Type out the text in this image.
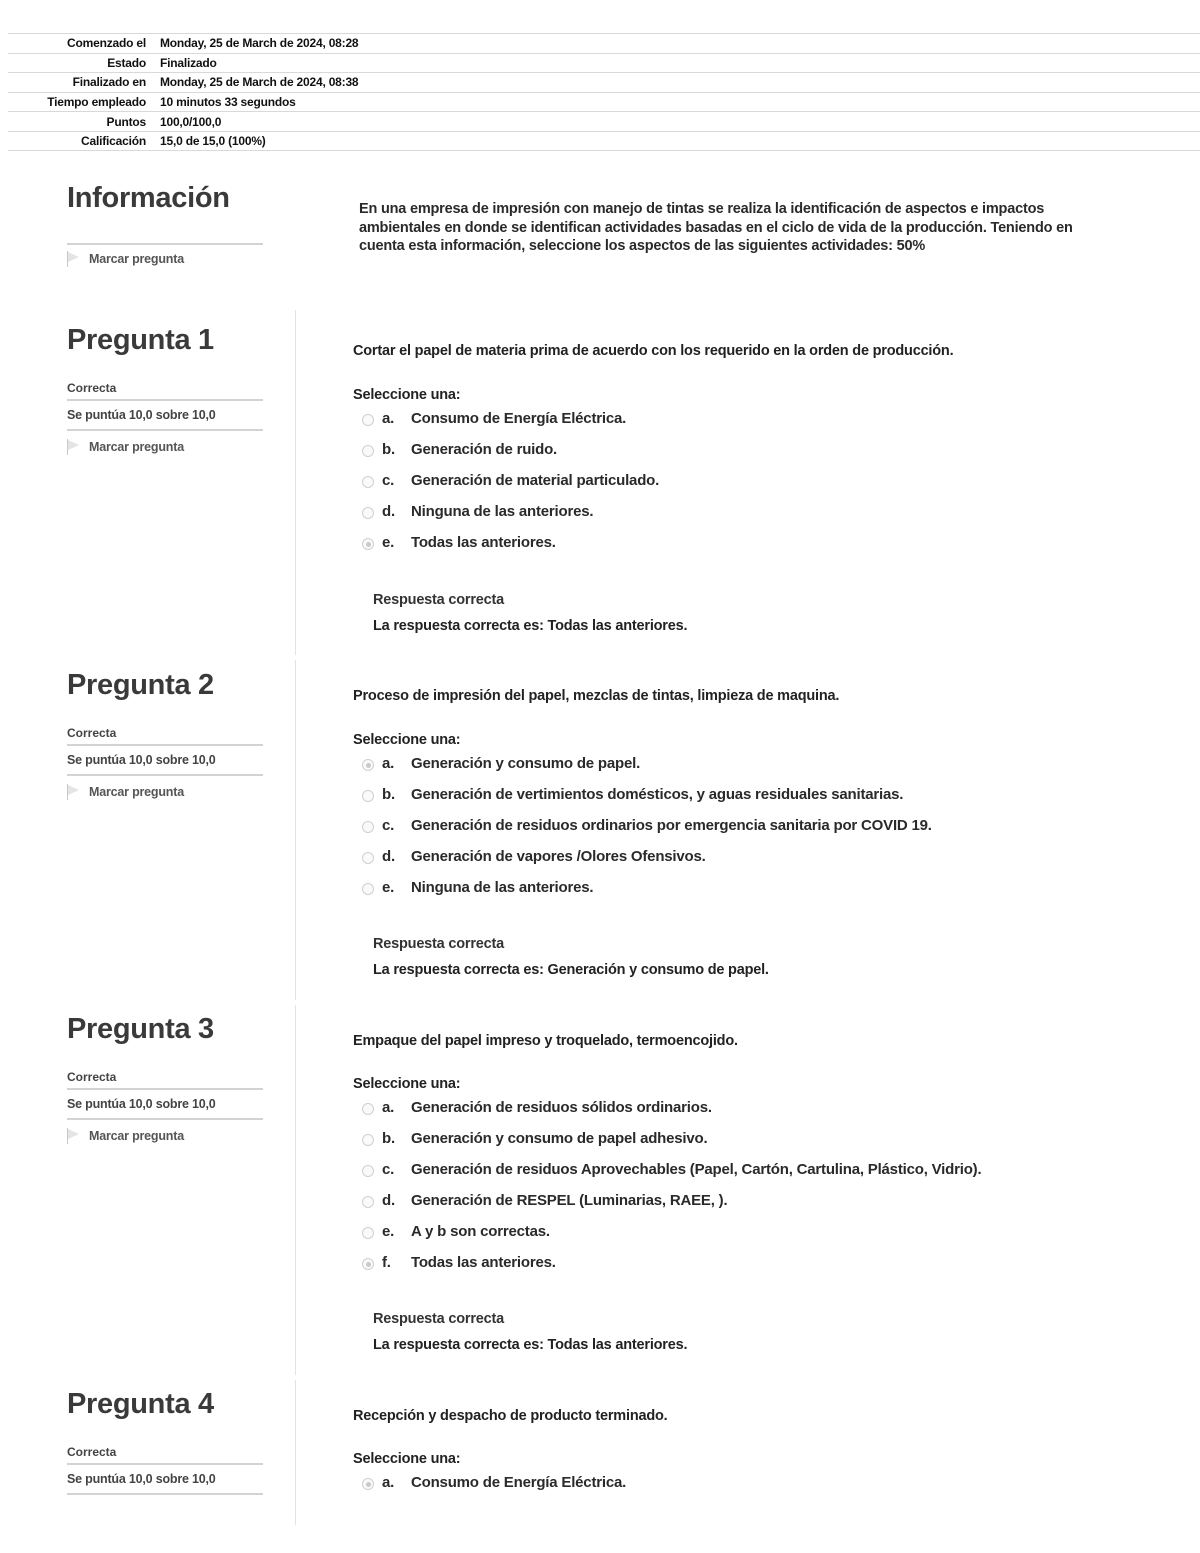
Comenzado el	Monday, 25 de March de 2024, 08:28
Estado	Finalizado
Finalizado en	Monday, 25 de March de 2024, 08:38
Tiempo empleado	10 minutos 33 segundos
Puntos	100,0/100,0
Calificación	15,0 de 15,0 (100%)
Información
Marcar pregunta
En una empresa de impresión con manejo de tintas se realiza la identificación de aspectos e impactos ambientales en donde se identifican actividades basadas en el ciclo de vida de la producción. Teniendo en cuenta esta información, seleccione los aspectos de las siguientes actividades: 50%
Pregunta 1
Correcta
Se puntúa 10,0 sobre 10,0
Marcar pregunta
Cortar el papel de materia prima de acuerdo con los requerido en la orden de producción.
Seleccione una:
a.	Consumo de Energía Eléctrica.
b.	Generación de ruido.
c.	Generación de material particulado.
d.	Ninguna de las anteriores.
e.	Todas las anteriores.
Respuesta correcta
La respuesta correcta es: Todas las anteriores.
Pregunta 2
Correcta
Se puntúa 10,0 sobre 10,0
Marcar pregunta
Proceso de impresión del papel, mezclas de tintas, limpieza de maquina.
Seleccione una:
a.	Generación y consumo de papel.
b.	Generación de vertimientos domésticos, y aguas residuales sanitarias.
c.	Generación de residuos ordinarios por emergencia sanitaria por COVID 19.
d.	Generación de vapores /Olores Ofensivos.
e.	Ninguna de las anteriores.
Respuesta correcta
La respuesta correcta es: Generación y consumo de papel.
Pregunta 3
Correcta
Se puntúa 10,0 sobre 10,0
Marcar pregunta
Empaque del papel impreso y troquelado, termoencojido.
Seleccione una:
a.	Generación de residuos sólidos ordinarios.
b.	Generación y consumo de papel adhesivo.
c.	Generación de residuos Aprovechables (Papel, Cartón, Cartulina, Plástico, Vidrio).
d.	Generación de RESPEL (Luminarias, RAEE, ).
e.	A y b son correctas.
f.	Todas las anteriores.
Respuesta correcta
La respuesta correcta es: Todas las anteriores.
Pregunta 4
Correcta
Se puntúa 10,0 sobre 10,0
Recepción y despacho de producto terminado.
Seleccione una:
a.	Consumo de Energía Eléctrica.
